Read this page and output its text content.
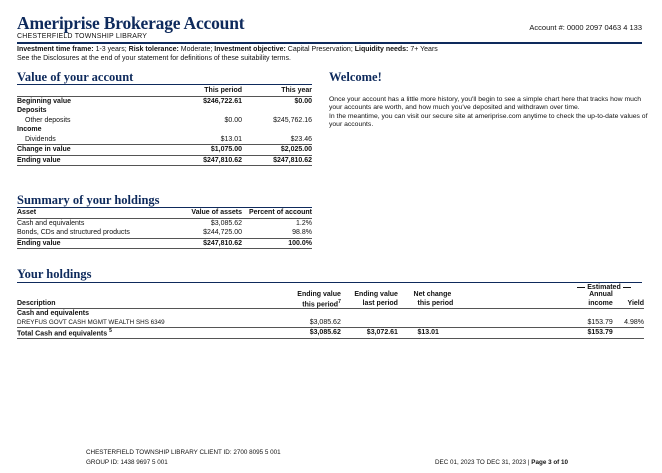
Ameriprise Brokerage Account
CHESTERFIELD TOWNSHIP LIBRARY
Account #: 0000 2097 0463 4 133
Investment time frame: 1-3 years; Risk tolerance: Moderate; Investment objective: Capital Preservation; Liquidity needs: 7+ Years
See the Disclosures at the end of your statement for definitions of these suitability terms.
Value of your account
	This period	This year
Beginning value	$246,722.61	$0.00
Deposits		
Other deposits	$0.00	$245,762.16
Income		
Dividends	$13.01	$23.46
Change in value	$1,075.00	$2,025.00
Ending value	$247,810.62	$247,810.62
Welcome!
Once your account has a little more history, you'll begin to see a simple chart here that tracks how much your accounts are worth, and how much you've deposited and withdrawn over time.
In the meantime, you can visit our secure site at ameriprise.com anytime to check the up-to-date values of your accounts.
Summary of your holdings
Asset	Value of assets	Percent of account
Cash and equivalents	$3,085.62	1.2%
Bonds, CDs and structured products	$244,725.00	98.8%
Ending value	$247,810.62	100.0%
Your holdings
Estimated
	Ending value	Ending value		Net change		Annual	
Description	this period$^7$	last period		this period		income	Yield
Cash and equivalents							
DREYFUS GOVT CASH MGMT WEALTH SHS 6349	$3,085.62					$153.79	4.98%
Total Cash and equivalents $^5$	$3,085.62	$3,072.61		$13.01		$153.79	
CHESTERFIELD TOWNSHIP LIBRARY CLIENT ID: 2700 8095 5 001
GROUP ID: 1438 9697 5 001	DEC 01, 2023 TO DEC 31, 2023 | Page 3 of 10
